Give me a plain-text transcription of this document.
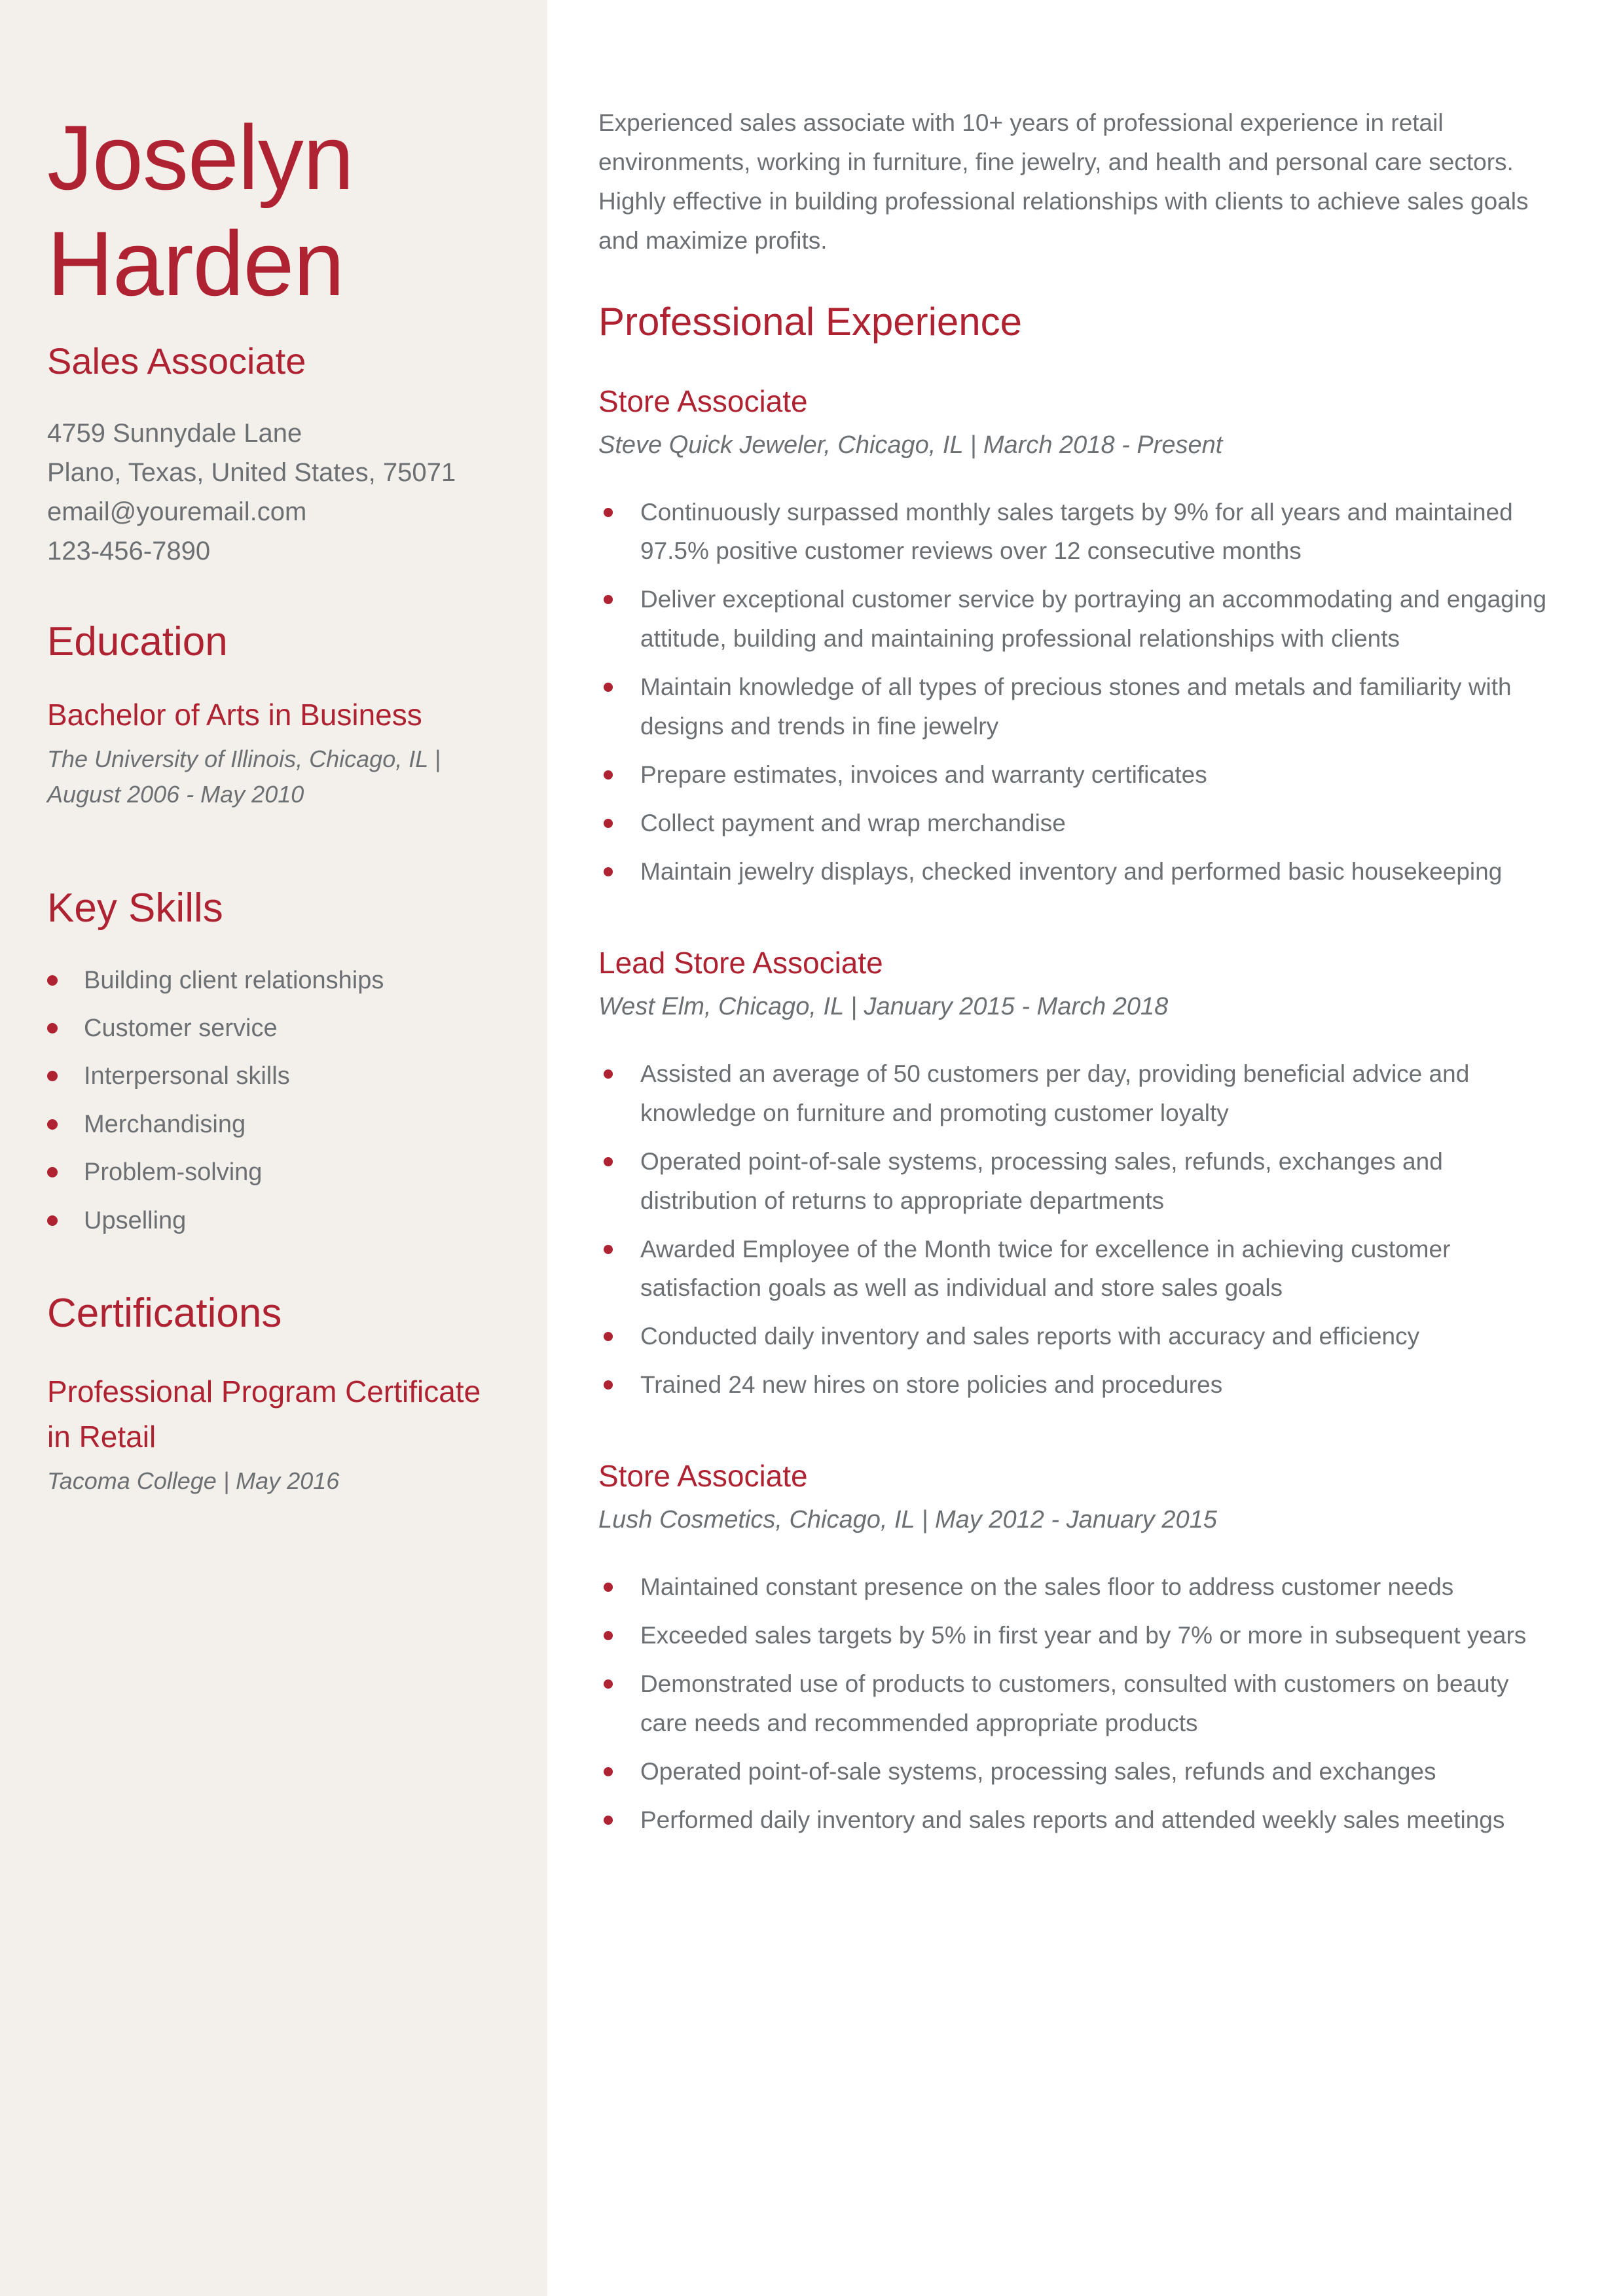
Joselyn
Harden
Sales Associate
4759 Sunnydale Lane
Plano, Texas, United States, 75071
email@youremail.com
123-456-7890
Education
Bachelor of Arts in Business

The University of Illinois, Chicago, IL | August 2006 - May 2010

Key Skills
Building client relationships
Customer service
Interpersonal skills
Merchandising
Problem-solving
Upselling
Certifications
Professional Program Certificate in Retail

Tacoma College | May 2016

Experienced sales associate with 10+ years of professional experience in retail environments, working in furniture, fine jewelry, and health and personal care sectors. Highly effective in building professional relationships with clients to achieve sales goals and maximize profits.

Professional Experience
Store Associate

Steve Quick Jeweler, Chicago, IL | March 2018 - Present

Continuously surpassed monthly sales targets by 9% for all years and maintained 97.5% positive customer reviews over 12 consecutive months
Deliver exceptional customer service by portraying an accommodating and engaging attitude, building and maintaining professional relationships with clients
Maintain knowledge of all types of precious stones and metals and familiarity with designs and trends in fine jewelry
Prepare estimates, invoices and warranty certificates
Collect payment and wrap merchandise
Maintain jewelry displays, checked inventory and performed basic housekeeping
Lead Store Associate

West Elm, Chicago, IL | January 2015 - March 2018

Assisted an average of 50 customers per day, providing beneficial advice and knowledge on furniture and promoting customer loyalty
Operated point-of-sale systems, processing sales, refunds, exchanges and distribution of returns to appropriate departments
Awarded Employee of the Month twice for excellence in achieving customer satisfaction goals as well as individual and store sales goals
Conducted daily inventory and sales reports with accuracy and efficiency
Trained 24 new hires on store policies and procedures
Store Associate

Lush Cosmetics, Chicago, IL | May 2012 - January 2015

Maintained constant presence on the sales floor to address customer needs
Exceeded sales targets by 5% in first year and by 7% or more in subsequent years
Demonstrated use of products to customers, consulted with customers on beauty care needs and recommended appropriate products
Operated point-of-sale systems, processing sales, refunds and exchanges
Performed daily inventory and sales reports and attended weekly sales meetings
